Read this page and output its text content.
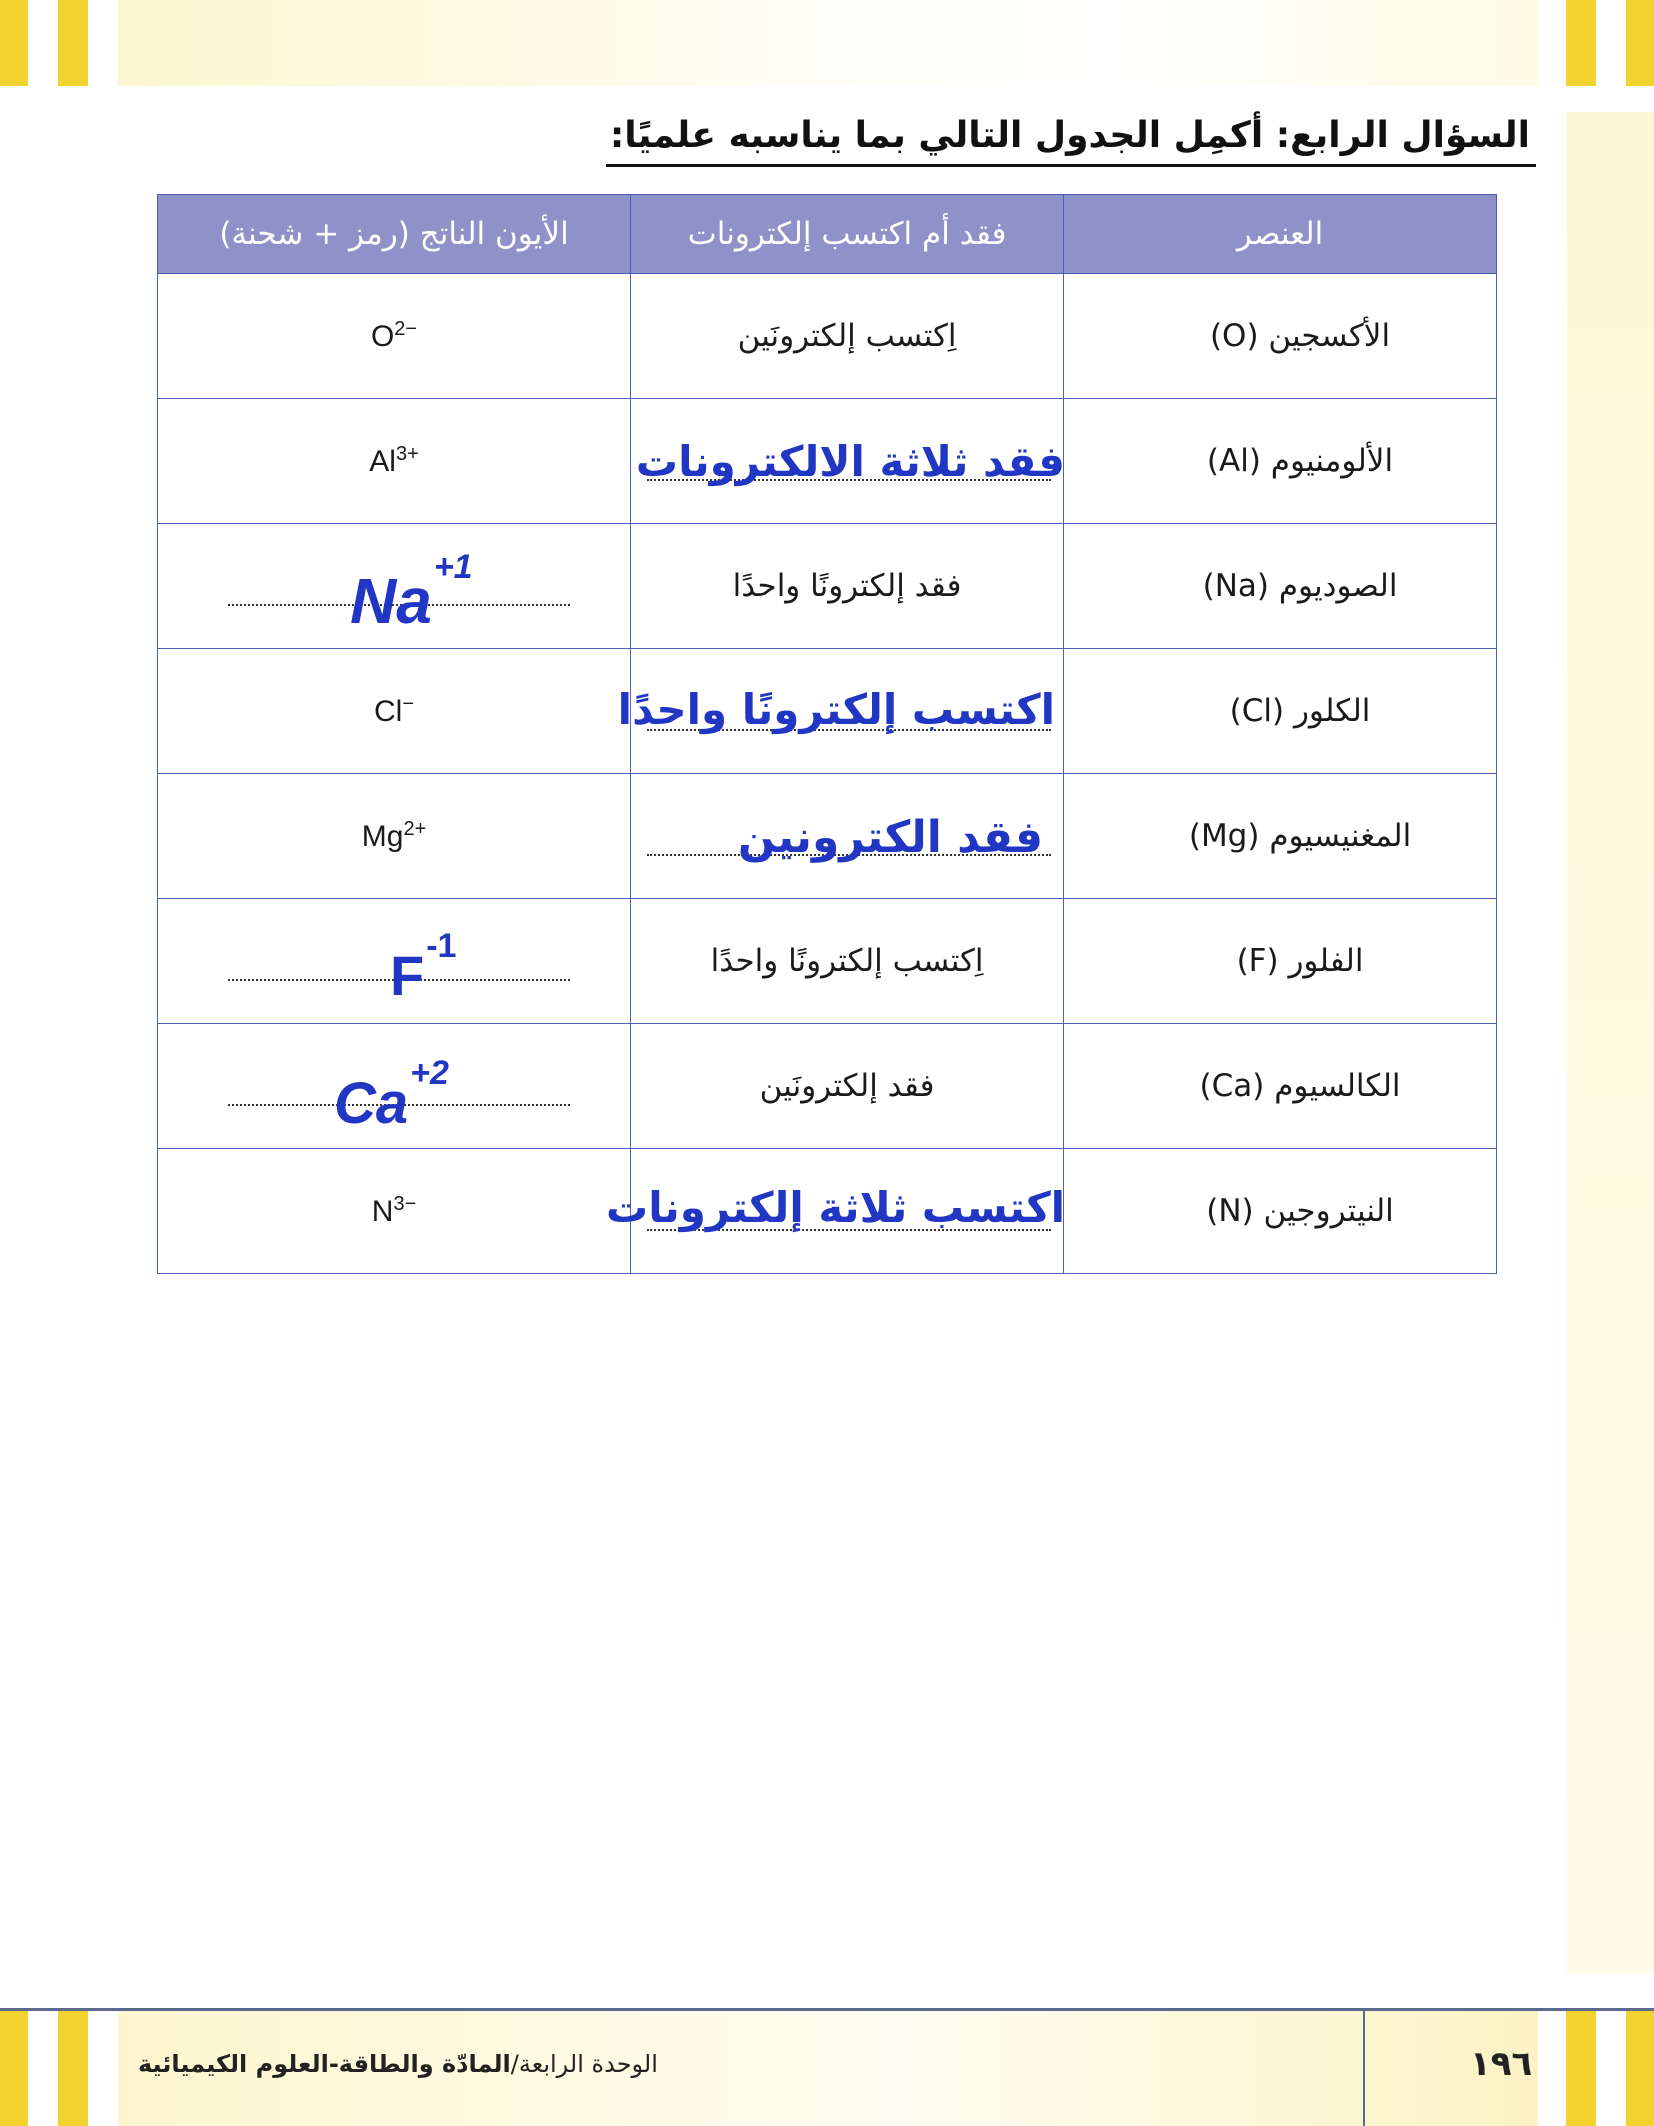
السؤال الرابع: أكمِل الجدول التالي بما يناسبه علميًا:
العنصر	فقد أم اكتسب إلكترونات	الأيون الناتج (رمز + شحنة)
الأكسجين (O)	اِكتسب إلكترونَين	$O^{2-}$

الألومنيوم (Al)	فقد ثلاثة الالكترونات	$Al^{3+}$

الصوديوم (Na)	فقد إلكترونًا واحدًا	$Na^{+1}$

الكلور (Cl)	اكتسب إلكترونًا واحدًا	Cl−

المغنيسيوم (Mg)	فقد الكترونين	$Mg^{2+}$

الفلور (F)	اِكتسب إلكترونًا واحدًا	$F^{-1}$

الكالسيوم (Ca)	فقد إلكترونَين	$Ca^{+2}$

النيتروجين (N)	اكتسب ثلاثة إلكترونات	$N^{3-}$
الوحدة الرابعة/المادّة والطاقة-العلوم الكيميائية	١٩٦
